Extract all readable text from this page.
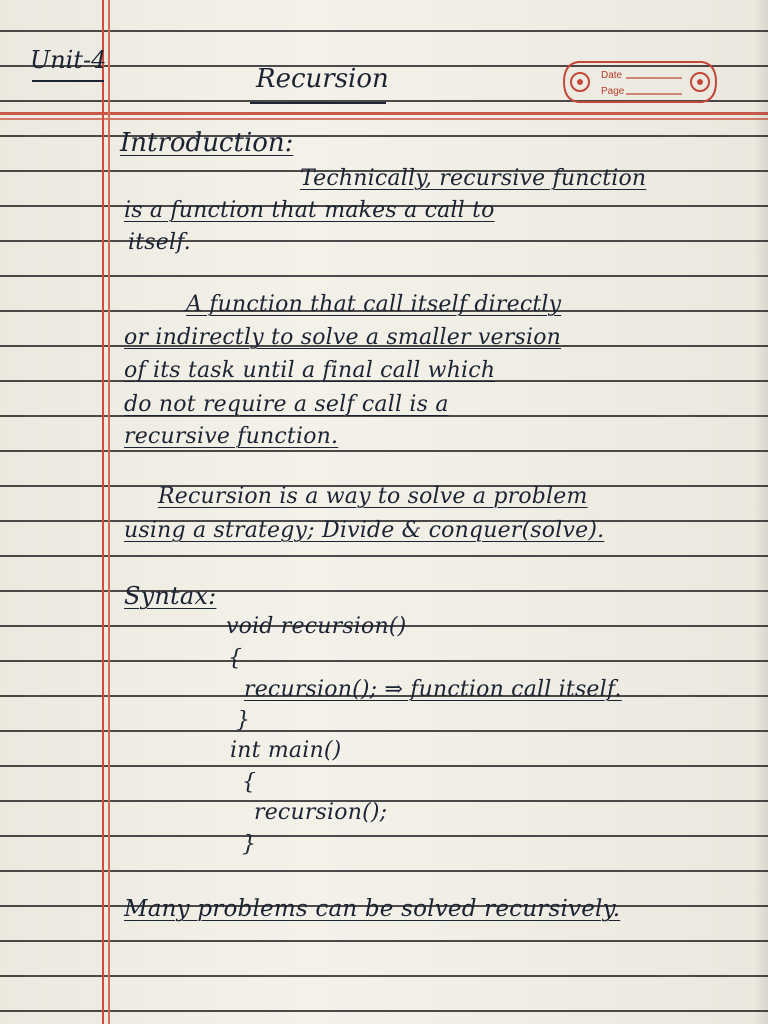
Unit-4

Recursion	Date

Page

Introduction:

Technically, recursive function

is a function that makes a call to

itself.

A function that call itself directly

or indirectly to solve a smaller version

of its task until a final call which

do not require a self call is a

recursive function.

Recursion is a way to solve a problem

using a strategy; Divide & conquer(solve).

Syntax:

void recursion()

{

recursion(); ⇒ function call itself.

}

int main()

{

recursion();

}

Many problems can be solved recursively.
